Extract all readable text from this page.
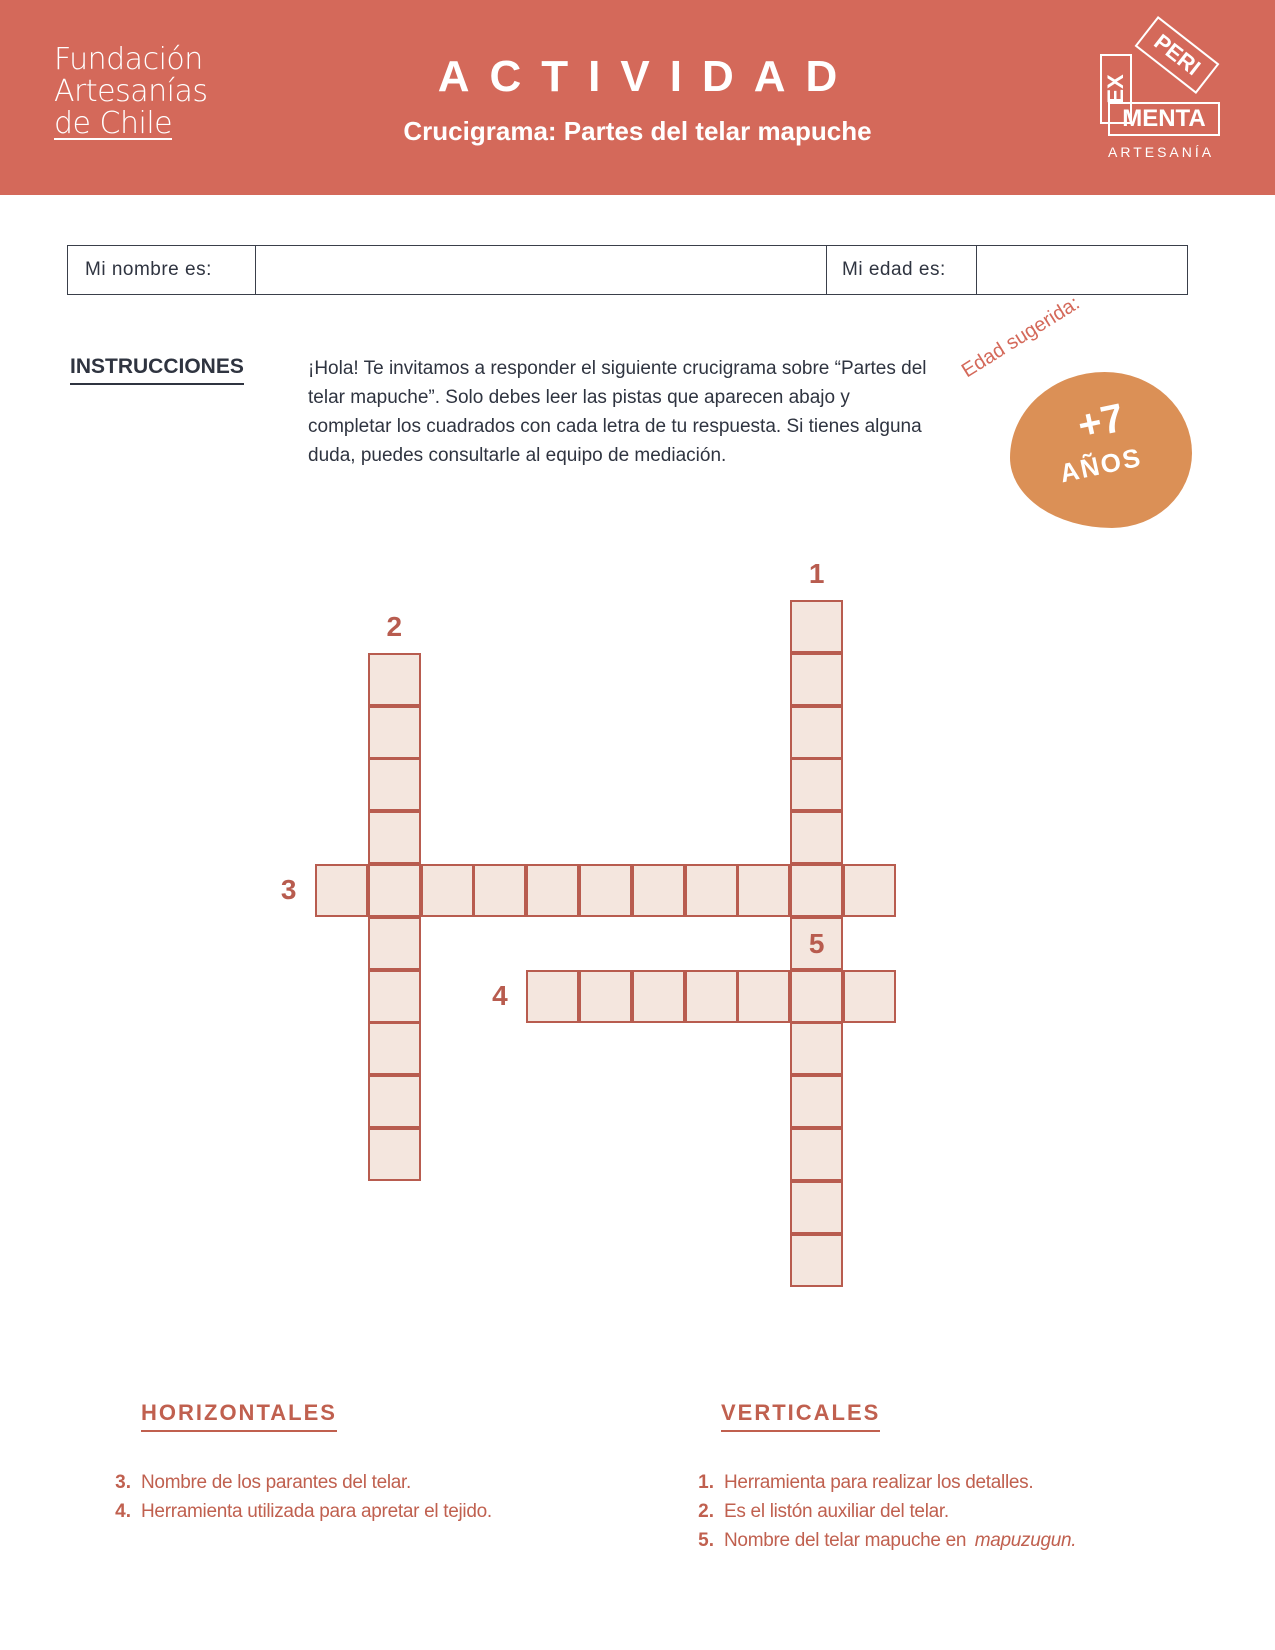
Fundación
Artesanías
de Chile
ACTIVIDAD
Crucigrama: Partes del telar mapuche
EX
PERI
MENTA
ARTESANÍA
Mi nombre es:	Mi edad es:
INSTRUCCIONES	¡Hola! Te invitamos a responder el siguiente crucigrama sobre “Partes del telar mapuche”. Solo debes leer las pistas que aparecen abajo y completar los cuadrados con cada letra de tu respuesta. Si tienes alguna duda, puedes consultarle al equipo de mediación.
Edad sugerida:
+7
AÑOS
1
2
3
4
5
HORIZONTALES
3. Nombre de los parantes del telar.
4. Herramienta utilizada para apretar el tejido.
VERTICALES
1. Herramienta para realizar los detalles.
2. Es el listón auxiliar del telar.
5. Nombre del telar mapuche en  mapuzugun.
